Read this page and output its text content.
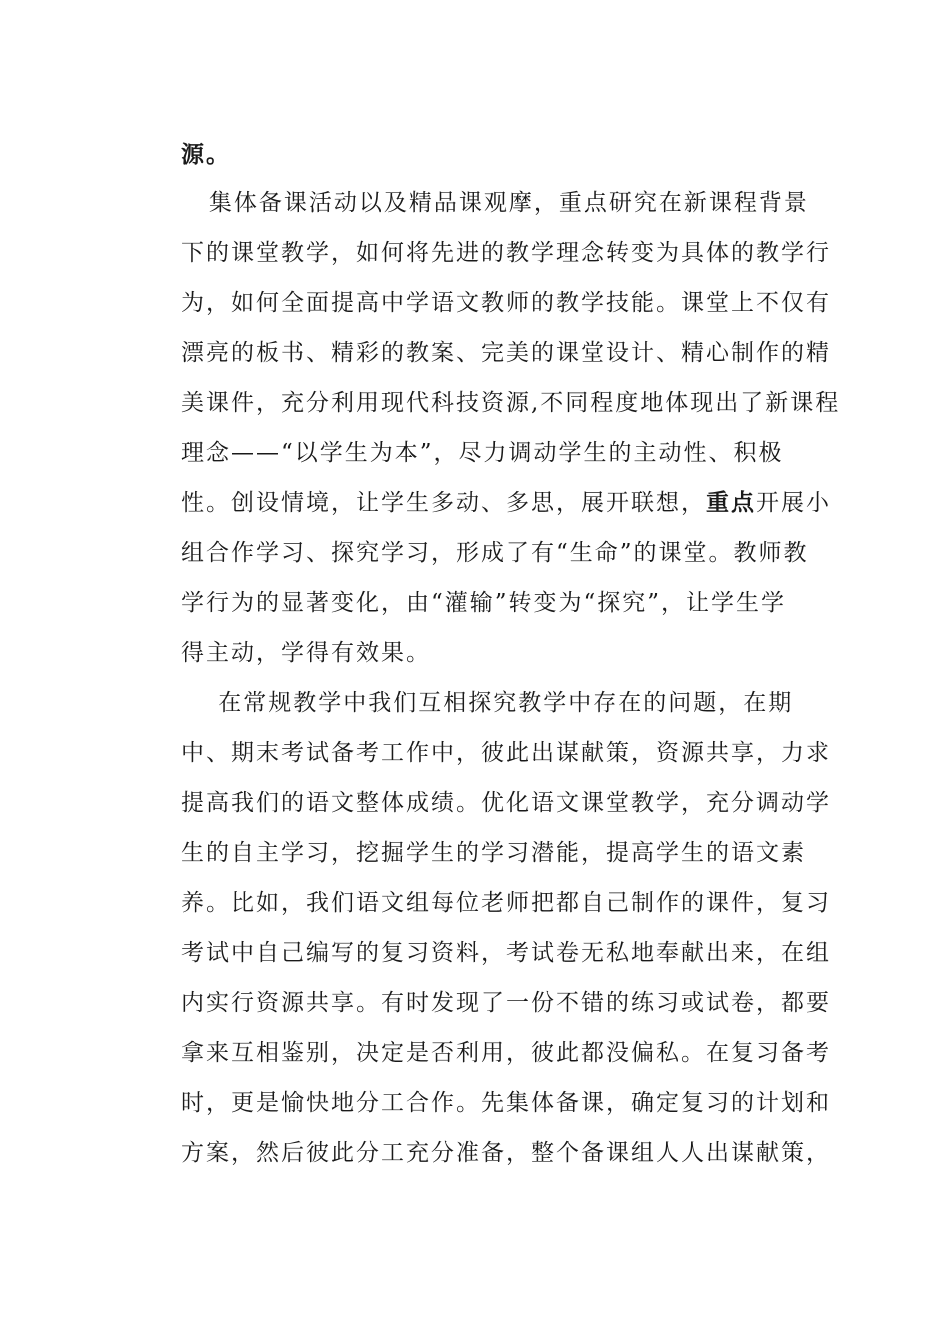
源。
集体备课活动以及精品课观摩，重点研究在新课程背景
下的课堂教学，如何将先进的教学理念转变为具体的教学行
为，如何全面提高中学语文教师的教学技能。课堂上不仅有
漂亮的板书、精彩的教案、完美的课堂设计、精心制作的精
美课件，充分利用现代科技资源,不同程度地体现出了新课程
理念——“以学生为本”，尽力调动学生的主动性、积极
性。创设情境，让学生多动、多思，展开联想，重点开展小
组合作学习、探究学习，形成了有“生命”的课堂。教师教
学行为的显著变化，由“灌输”转变为“探究”，让学生学
得主动，学得有效果。
在常规教学中我们互相探究教学中存在的问题，在期
中、期末考试备考工作中，彼此出谋献策，资源共享，力求
提高我们的语文整体成绩。优化语文课堂教学，充分调动学
生的自主学习，挖掘学生的学习潜能，提高学生的语文素
养。比如，我们语文组每位老师把都自己制作的课件，复习
考试中自己编写的复习资料，考试卷无私地奉献出来，在组
内实行资源共享。有时发现了一份不错的练习或试卷，都要
拿来互相鉴别，决定是否利用，彼此都没偏私。在复习备考
时，更是愉快地分工合作。先集体备课，确定复习的计划和
方案，然后彼此分工充分准备，整个备课组人人出谋献策，
